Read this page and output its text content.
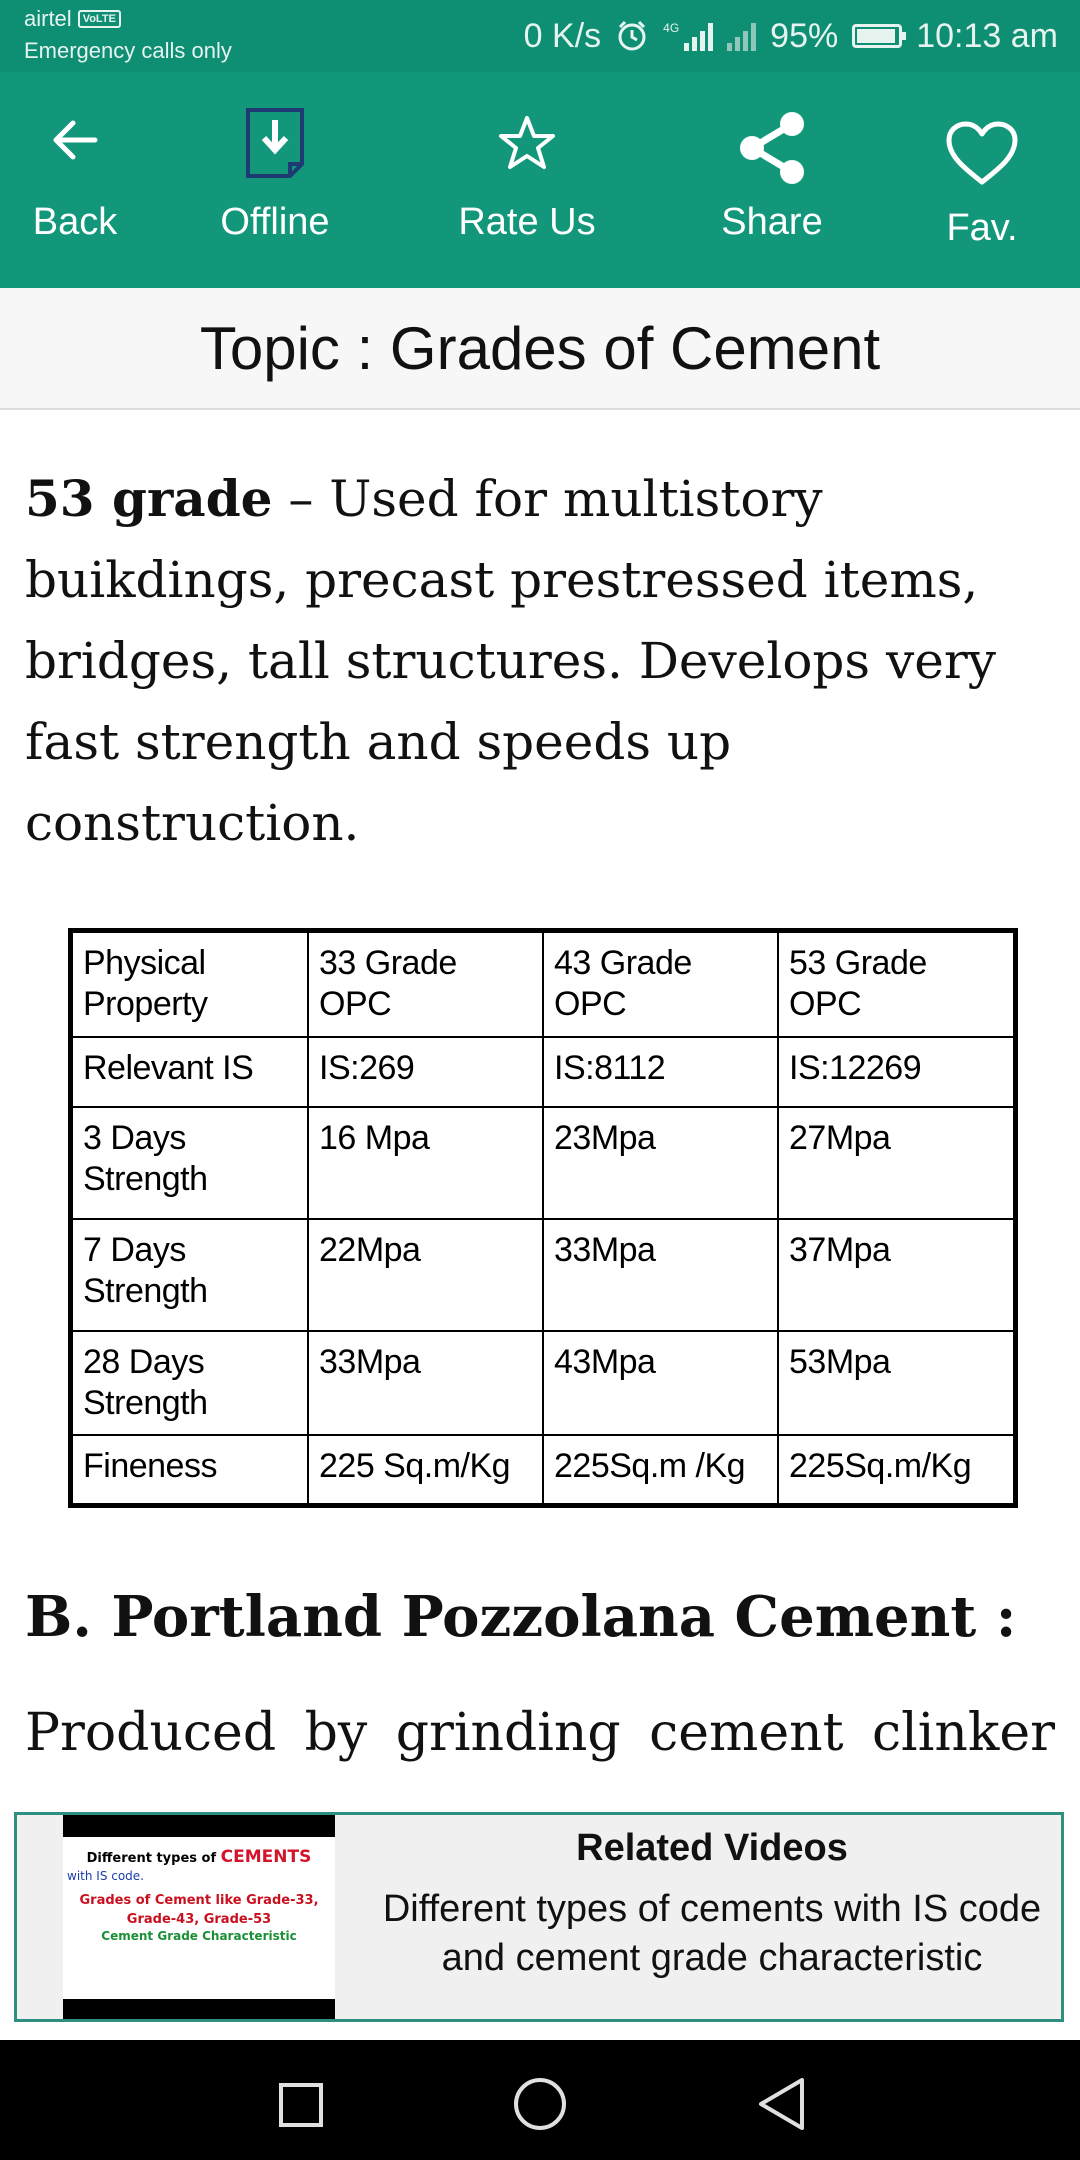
airtel	VoLTE
Emergency calls only	0 K/s	4G	95% 10:13 am
Back	Offline	Rate Us	Share	Fav.
Topic : Grades of Cement

53 grade – Used for multistory buikdings, precast prestressed items, bridges, tall structures. Develops very fast strength and speeds up construction.

Physical Property	33 Grade OPC	43 Grade OPC	53 Grade OPC
Relevant IS	IS:269	IS:8112	IS:12269
3 Days Strength	16 Mpa	23Mpa	27Mpa
7 Days Strength	22Mpa	33Mpa	37Mpa
28 Days Strength	33Mpa	43Mpa	53Mpa
Fineness	225 Sq.m/Kg	225Sq.m /Kg	225Sq.m/Kg
B. Portland Pozzolana Cement :

Produced by grinding cement clinker

Different types of CEMENTS
with IS code.
Grades of Cement like Grade-33, Grade-43, Grade-53
Cement Grade Characteristic
Related Videos
Different types of cements with IS code and cement grade characteristic
